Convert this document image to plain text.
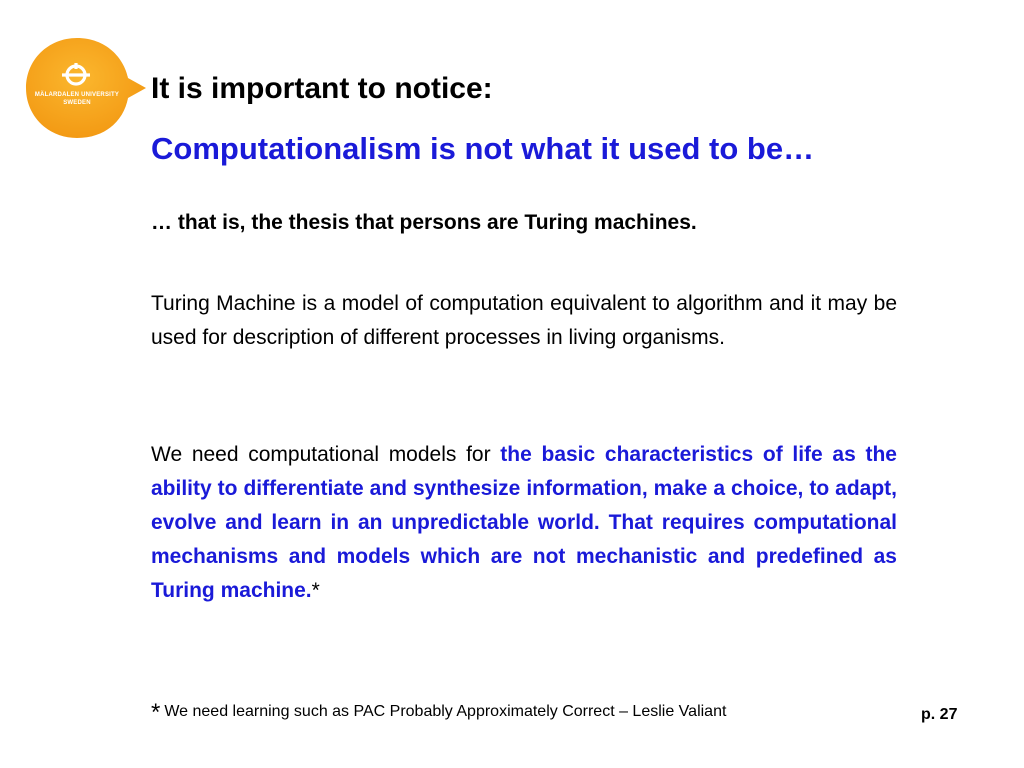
MÄLARDALEN UNIVERSITY
SWEDEN	It is important to notice:
Computationalism is not what it used to be…
… that is, the thesis that persons are Turing machines.
Turing Machine is a model of computation equivalent to algorithm and it may be used for description of different processes in living organisms.
We need computational models for the basic characteristics of life as the ability to differentiate and synthesize information, make a choice, to adapt, evolve and learn in an unpredictable world. That requires computational mechanisms and models which are not mechanistic and predefined as Turing machine.*
* We need learning such as PAC Probably Approximately Correct – Leslie Valiant	p. 27
